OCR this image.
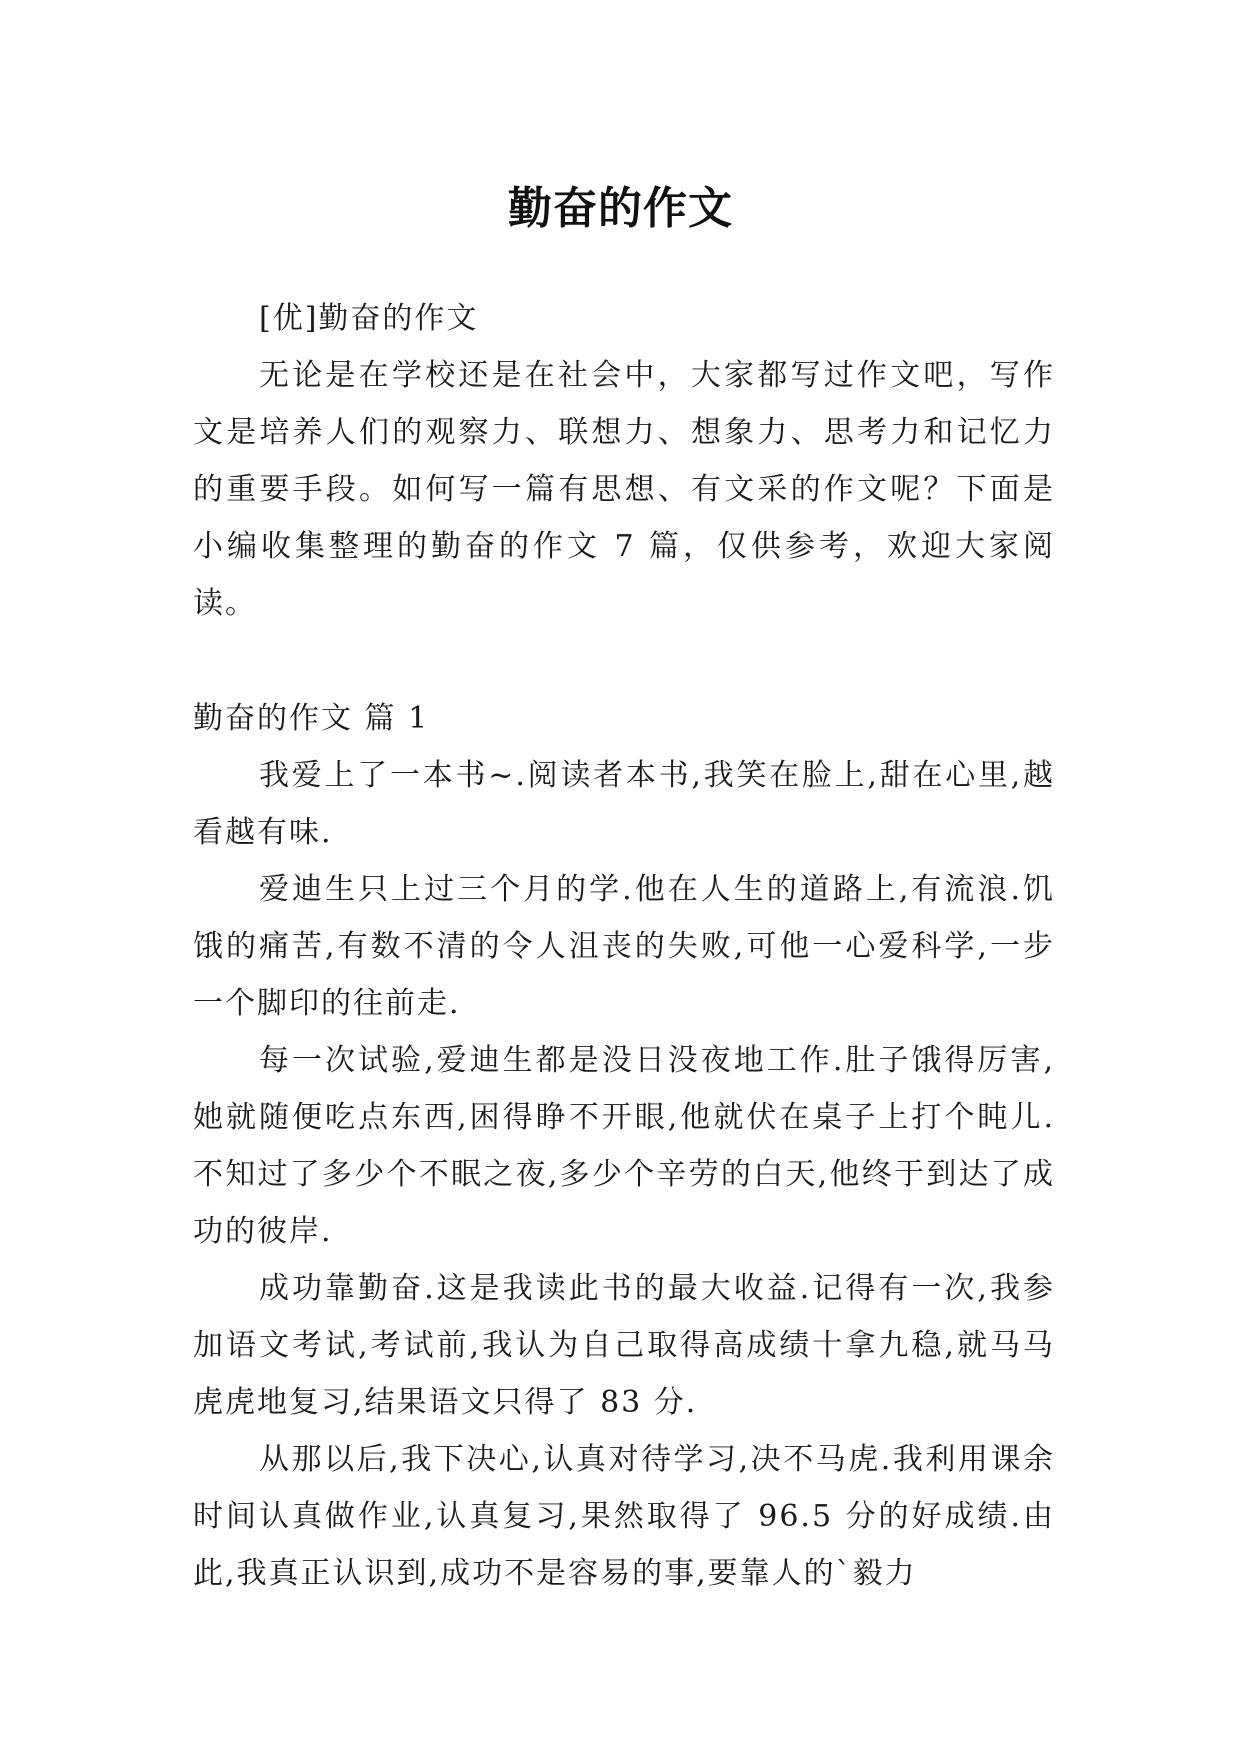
勤奋的作文

[优]勤奋的作文

无论是在学校还是在社会中，大家都写过作文吧，写作文是培养人们的观察力、联想力、想象力、思考力和记忆力的重要手段。如何写一篇有思想、有文采的作文呢？下面是小编收集整理的勤奋的作文 7 篇，仅供参考，欢迎大家阅读。

勤奋的作文 篇 1

我爱上了一本书~.阅读者本书,我笑在脸上,甜在心里,越看越有味.

爱迪生只上过三个月的学.他在人生的道路上,有流浪.饥饿的痛苦,有数不清的令人沮丧的失败,可他一心爱科学,一步一个脚印的往前走.

每一次试验,爱迪生都是没日没夜地工作.肚子饿得厉害,她就随便吃点东西,困得睁不开眼,他就伏在桌子上打个盹儿.不知过了多少个不眠之夜,多少个辛劳的白天,他终于到达了成功的彼岸.

成功靠勤奋.这是我读此书的最大收益.记得有一次,我参加语文考试,考试前,我认为自己取得高成绩十拿九稳,就马马虎虎地复习,结果语文只得了 83 分.

从那以后,我下决心,认真对待学习,决不马虎.我利用课余时间认真做作业,认真复习,果然取得了 96.5 分的好成绩.由此,我真正认识到,成功不是容易的事,要靠人的`毅力
